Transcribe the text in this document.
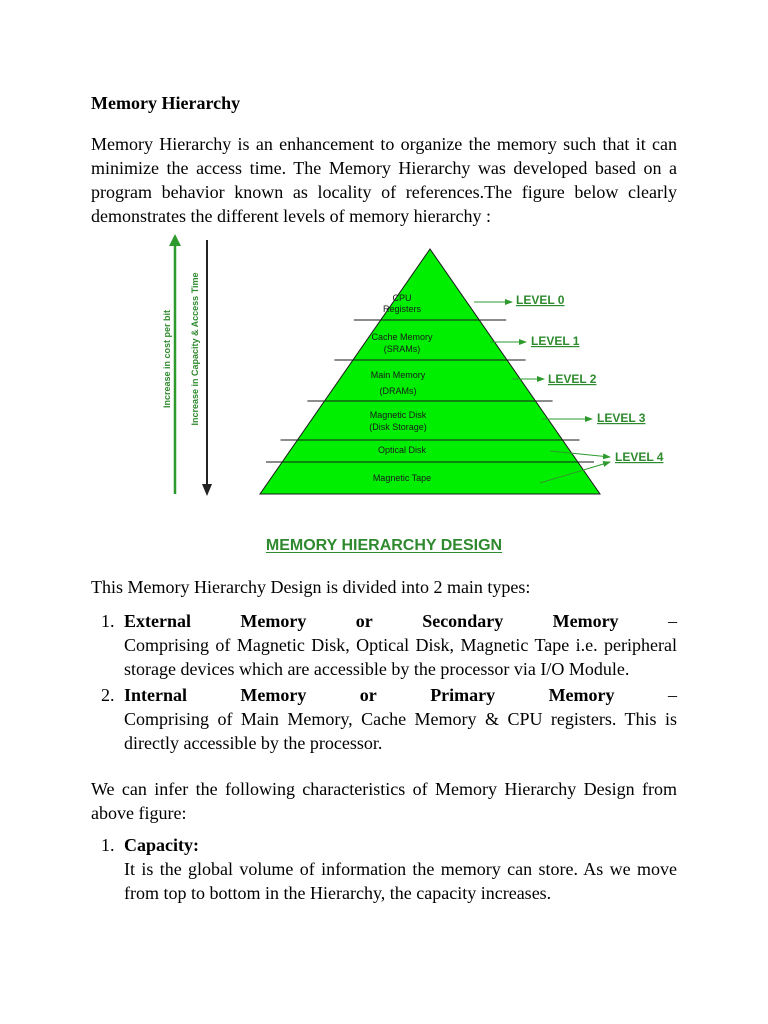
Memory Hierarchy

Memory Hierarchy is an enhancement to organize the memory such that it can minimize the access time. The Memory Hierarchy was developed based on a program behavior known as locality of references.The figure below clearly demonstrates the different levels of memory hierarchy :

Increase in cost per bit Increase in Capacity & Access Time	CPU
Registers
Cache Memory
(SRAMs)
Main Memory
(DRAMs)
Magnetic Disk
(Disk Storage)
Optical Disk
Magnetic Tape
LEVEL 0
LEVEL 1
LEVEL 2
LEVEL 3
LEVEL 4
MEMORY HIERARCHY DESIGN

This Memory Hierarchy Design is divided into 2 main types:

1. External	Memory	or	Secondary	Memory	–
Comprising of Magnetic Disk, Optical Disk, Magnetic Tape i.e. peripheral storage devices which are accessible by the processor via I/O Module.
2. Internal	Memory	or	Primary	Memory	–
Comprising of Main Memory, Cache Memory & CPU registers. This is directly accessible by the processor.

We can infer the following characteristics of Memory Hierarchy Design from above figure:

1. Capacity:
It is the global volume of information the memory can store. As we move from top to bottom in the Hierarchy, the capacity increases.
